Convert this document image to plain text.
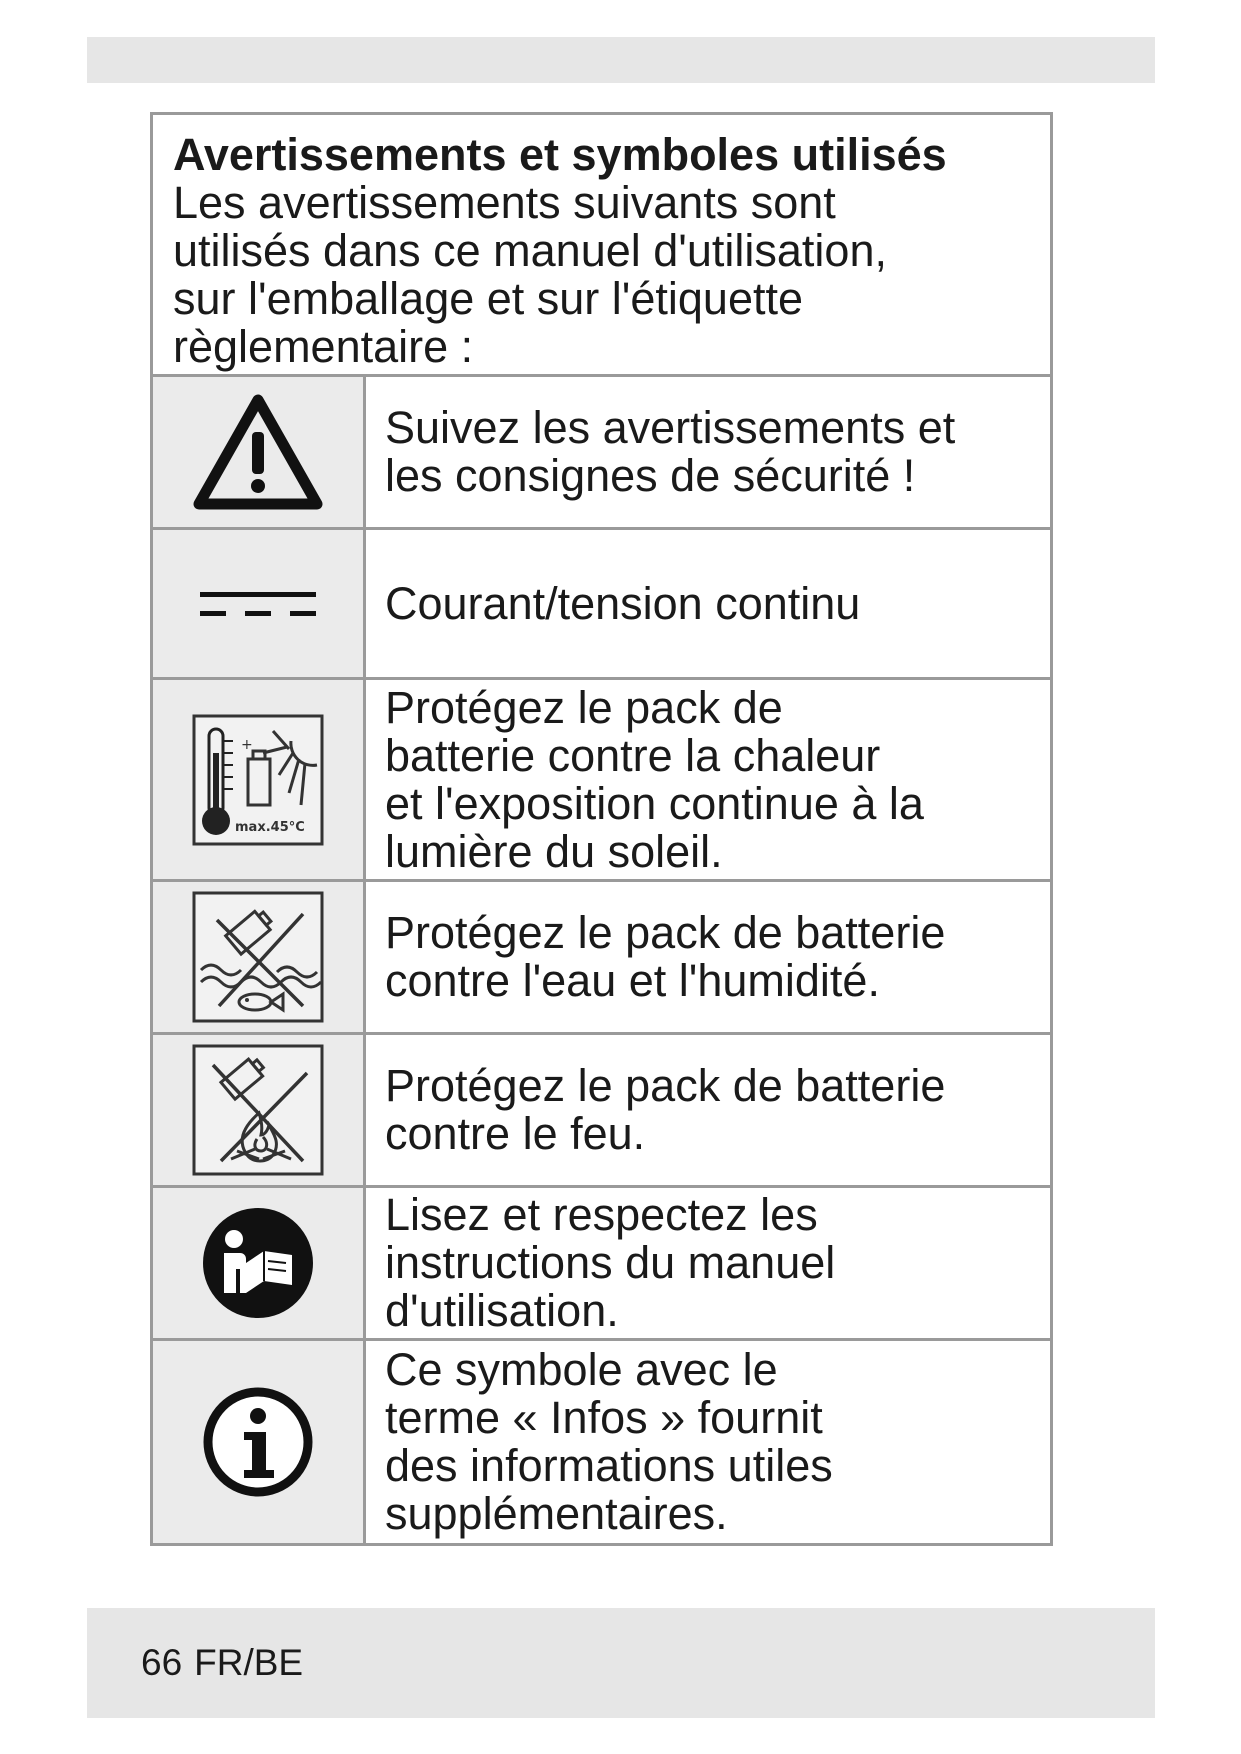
Avertissements et symboles utilisés
Les avertissements suivants sont
utilisés dans ce manuel d'utilisation,
sur l'emballage et sur l'étiquette
règlementaire :
Suivez les avertissements et
les consignes de sécurité !
Courant/tension continu
+
max.45°C
Protégez le pack de
batterie contre la chaleur
et l'exposition continue à la
lumière du soleil.
Protégez le pack de batterie
contre l'eau et l'humidité.
Protégez le pack de batterie
contre le feu.
Lisez et respectez les
instructions du manuel
d'utilisation.
Ce symbole avec le
terme « Infos » fournit
des informations utiles
supplémentaires.
66 FR/BE
